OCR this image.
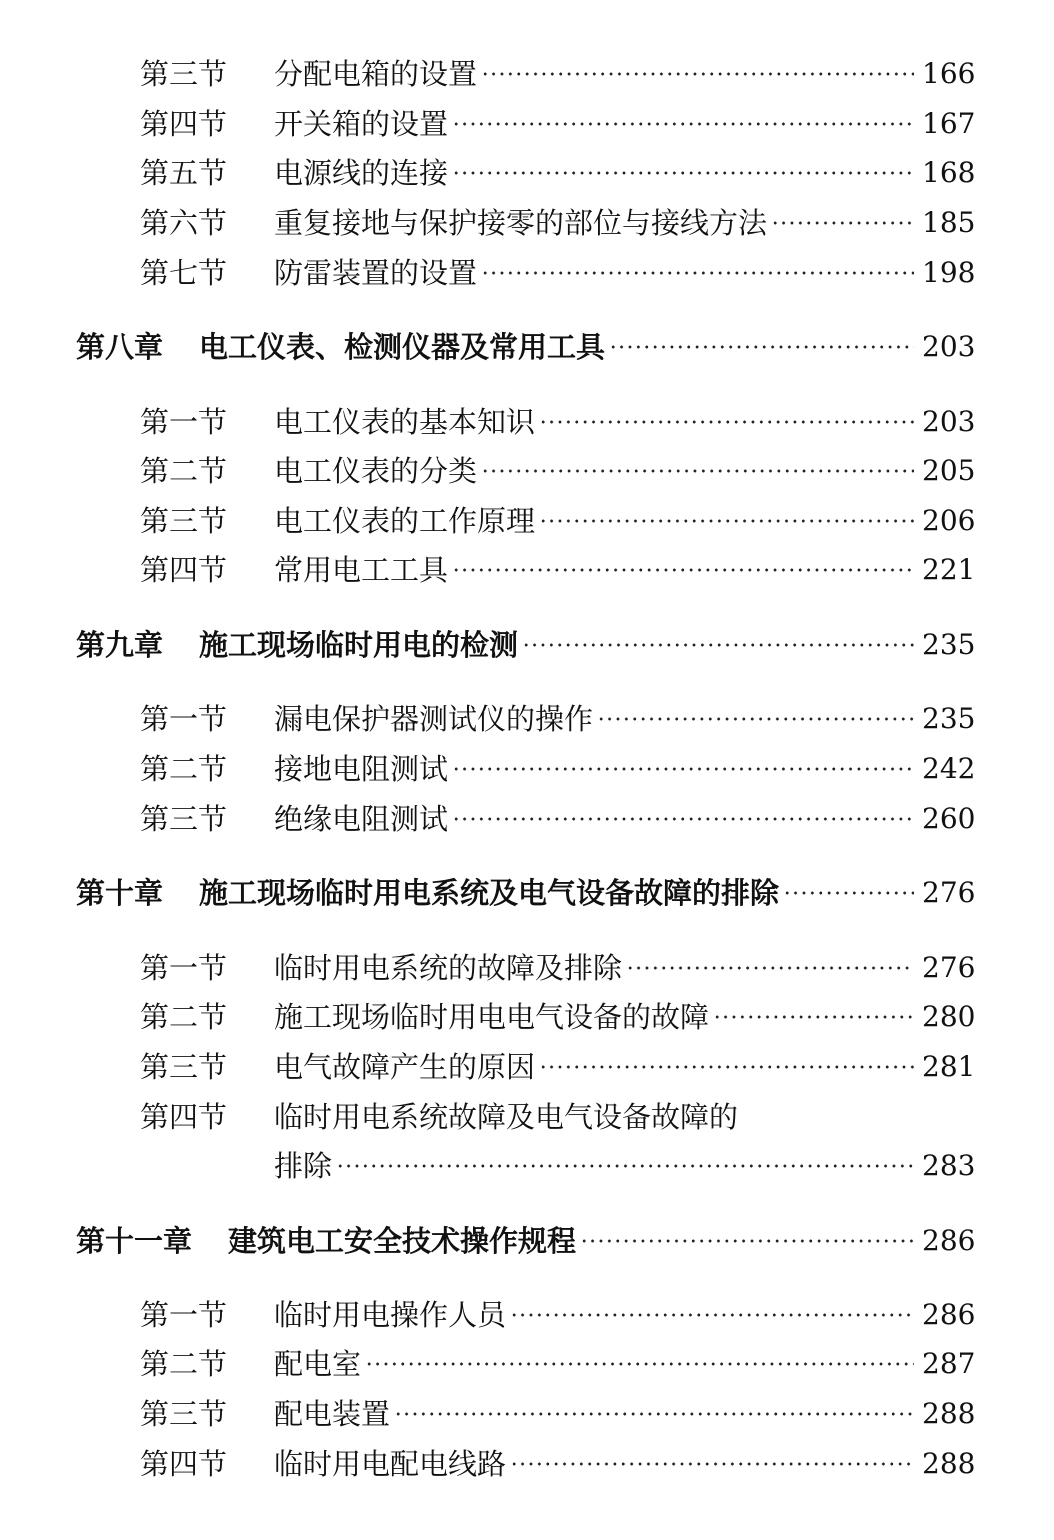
第三节	分配电箱的设置	166
第四节	开关箱的设置	167
第五节	电源线的连接	168
第六节	重复接地与保护接零的部位与接线方法	185
第七节	防雷装置的设置	198
第八章 电工仪表、检测仪器及常用工具	203
第一节	电工仪表的基本知识	203
第二节	电工仪表的分类	205
第三节	电工仪表的工作原理	206
第四节	常用电工工具	221
第九章 施工现场临时用电的检测	235
第一节	漏电保护器测试仪的操作	235
第二节	接地电阻测试	242
第三节	绝缘电阻测试	260
第十章 施工现场临时用电系统及电气设备故障的排除	276
第一节	临时用电系统的故障及排除	276
第二节	施工现场临时用电电气设备的故障	280
第三节	电气故障产生的原因	281
第四节	临时用电系统故障及电气设备故障的
排除	283
第十一章 建筑电工安全技术操作规程	286
第一节	临时用电操作人员	286
第二节	配电室	287
第三节	配电装置	288
第四节	临时用电配电线路	288
